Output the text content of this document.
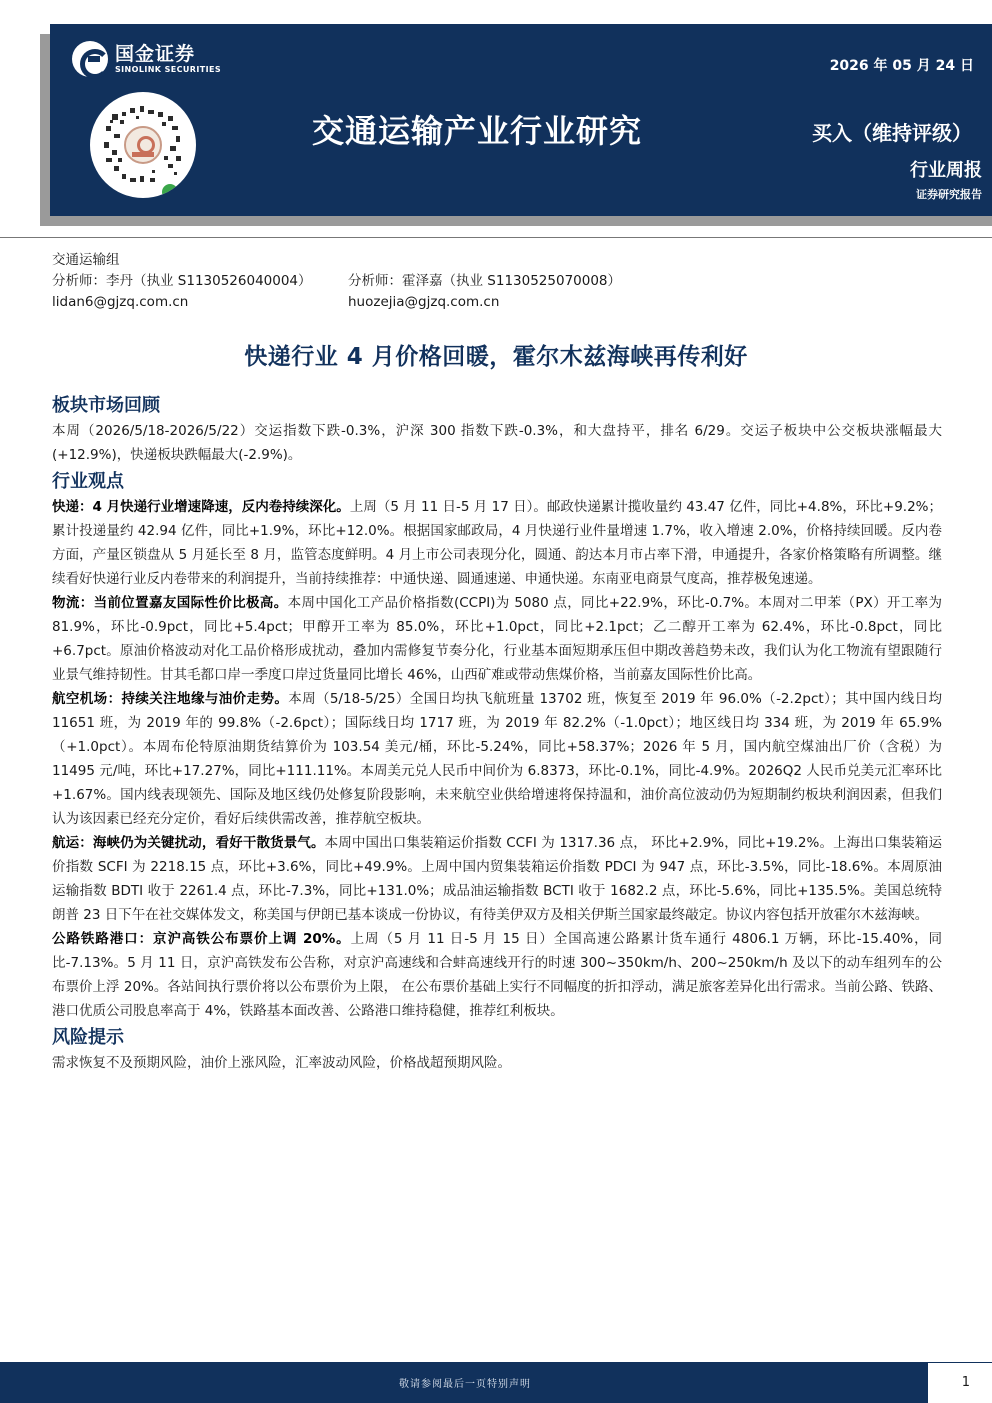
国金证券
SINOLINK SECURITIES	2026 年 05 月 24 日
交通运输产业行业研究	买入（维持评级）
行业周报
证券研究报告
交通运输组
分析师：李丹（执业 S1130526040004）	分析师：霍泽嘉（执业 S1130525070008）
lidan6@gjzq.com.cn	huozejia@gjzq.com.cn
快递行业 4 月价格回暖，霍尔木兹海峡再传利好
板块市场回顾

本周（2026/5/18-2026/5/22）交运指数下跌-0.3%，沪深 300 指数下跌-0.3%，和大盘持平，排名 6/29。交运子板块中公交板块涨幅最大(+12.9%)，快递板块跌幅最大(-2.9%)。

行业观点

快递：4 月快递行业增速降速，反内卷持续深化。上周（5 月 11 日-5 月 17 日）。邮政快递累计揽收量约 43.47 亿件，同比+4.8%，环比+9.2%；累计投递量约 42.94 亿件，同比+1.9%，环比+12.0%。根据国家邮政局，4 月快递行业件量增速 1.7%，收入增速 2.0%，价格持续回暖。反内卷方面，产量区锁盘从 5 月延长至 8 月，监管态度鲜明。4 月上市公司表现分化，圆通、韵达本月市占率下滑，申通提升，各家价格策略有所调整。继续看好快递行业反内卷带来的利润提升，当前持续推荐：中通快递、圆通速递、申通快递。东南亚电商景气度高，推荐极兔速递。

物流：当前位置嘉友国际性价比极高。本周中国化工产品价格指数(CCPI)为 5080 点，同比+22.9%，环比-0.7%。本周对二甲苯（PX）开工率为 81.9%，环比-0.9pct，同比+5.4pct；甲醇开工率为 85.0%，环比+1.0pct，同比+2.1pct；乙二醇开工率为 62.4%，环比-0.8pct，同比+6.7pct。原油价格波动对化工品价格形成扰动，叠加内需修复节奏分化，行业基本面短期承压但中期改善趋势未改，我们认为化工物流有望跟随行业景气维持韧性。甘其毛都口岸一季度口岸过货量同比增长 46%，山西矿难或带动焦煤价格，当前嘉友国际性价比高。

航空机场：持续关注地缘与油价走势。本周（5/18-5/25）全国日均执飞航班量 13702 班，恢复至 2019 年 96.0%（-2.2pct）；其中国内线日均 11651 班，为 2019 年的 99.8%（-2.6pct）；国际线日均 1717 班，为 2019 年 82.2%（-1.0pct）；地区线日均 334 班，为 2019 年 65.9%（+1.0pct）。本周布伦特原油期货结算价为 103.54 美元/桶，环比-5.24%，同比+58.37%；2026 年 5 月，国内航空煤油出厂价（含税）为 11495 元/吨，环比+17.27%，同比+111.11%。本周美元兑人民币中间价为 6.8373，环比-0.1%，同比-4.9%。2026Q2 人民币兑美元汇率环比+1.67%。国内线表现领先、国际及地区线仍处修复阶段影响，未来航空业供给增速将保持温和，油价高位波动仍为短期制约板块利润因素，但我们认为该因素已经充分定价，看好后续供需改善，推荐航空板块。

航运：海峡仍为关键扰动，看好干散货景气。本周中国出口集装箱运价指数 CCFI 为 1317.36 点， 环比+2.9%，同比+19.2%。上海出口集装箱运价指数 SCFI 为 2218.15 点，环比+3.6%，同比+49.9%。上周中国内贸集装箱运价指数 PDCI 为 947 点，环比-3.5%，同比-18.6%。本周原油运输指数 BDTI 收于 2261.4 点，环比-7.3%，同比+131.0%；成品油运输指数 BCTI 收于 1682.2 点，环比-5.6%，同比+135.5%。美国总统特朗普 23 日下午在社交媒体发文，称美国与伊朗已基本谈成一份协议，有待美伊双方及相关伊斯兰国家最终敲定。协议内容包括开放霍尔木兹海峡。

公路铁路港口：京沪高铁公布票价上调 20%。上周（5 月 11 日-5 月 15 日）全国高速公路累计货车通行 4806.1 万辆，环比-15.40%，同比-7.13%。5 月 11 日，京沪高铁发布公告称，对京沪高速线和合蚌高速线开行的时速 300~350km/h、200~250km/h 及以下的动车组列车的公布票价上浮 20%。各站间执行票价将以公布票价为上限， 在公布票价基础上实行不同幅度的折扣浮动，满足旅客差异化出行需求。当前公路、铁路、港口优质公司股息率高于 4%，铁路基本面改善、公路港口维持稳健，推荐红利板块。

风险提示

需求恢复不及预期风险，油价上涨风险，汇率波动风险，价格战超预期风险。

敬请参阅最后一页特别声明	1
